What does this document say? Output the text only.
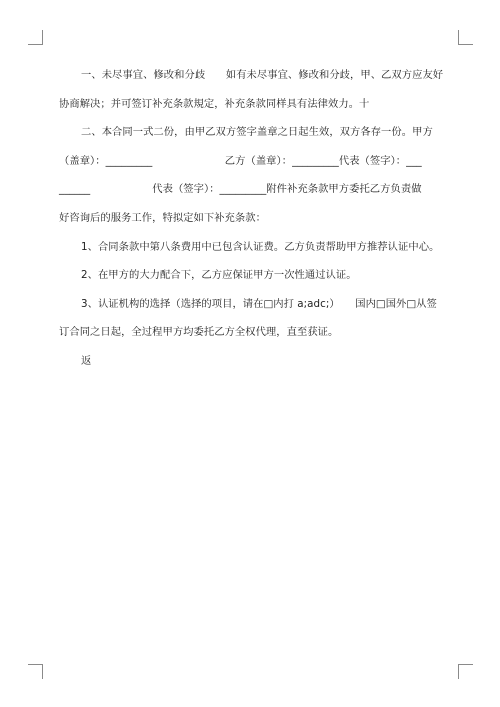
一、未尽事宜、修改和分歧　　如有未尽事宜、修改和分歧，甲、乙双方应友好
协商解决；并可签订补充条款規定，补充条款同样具有法律效力。十
二、本合同一式二份，由甲乙双方签字盖章之日起生效，双方各存一份。甲方
（盖章）：_________　　　　　　　乙方（盖章）：_________代表（签字）：___
______　　　　　　代表（签字）：_________附件补充条款甲方委托乙方负责做
好咨询后的服务工作，特拟定如下补充条款：
1、合同条款中第八条费用中已包含认证费。乙方负责帮助甲方推荐认证中心。
2、在甲方的大力配合下，乙方应保证甲方一次性通过认证。
3、认证机构的选择（选择的项目，请在□内打 a;adc;）　　国内□国外□从签
订合同之日起，全过程甲方均委托乙方全权代理，直至获证。
返
